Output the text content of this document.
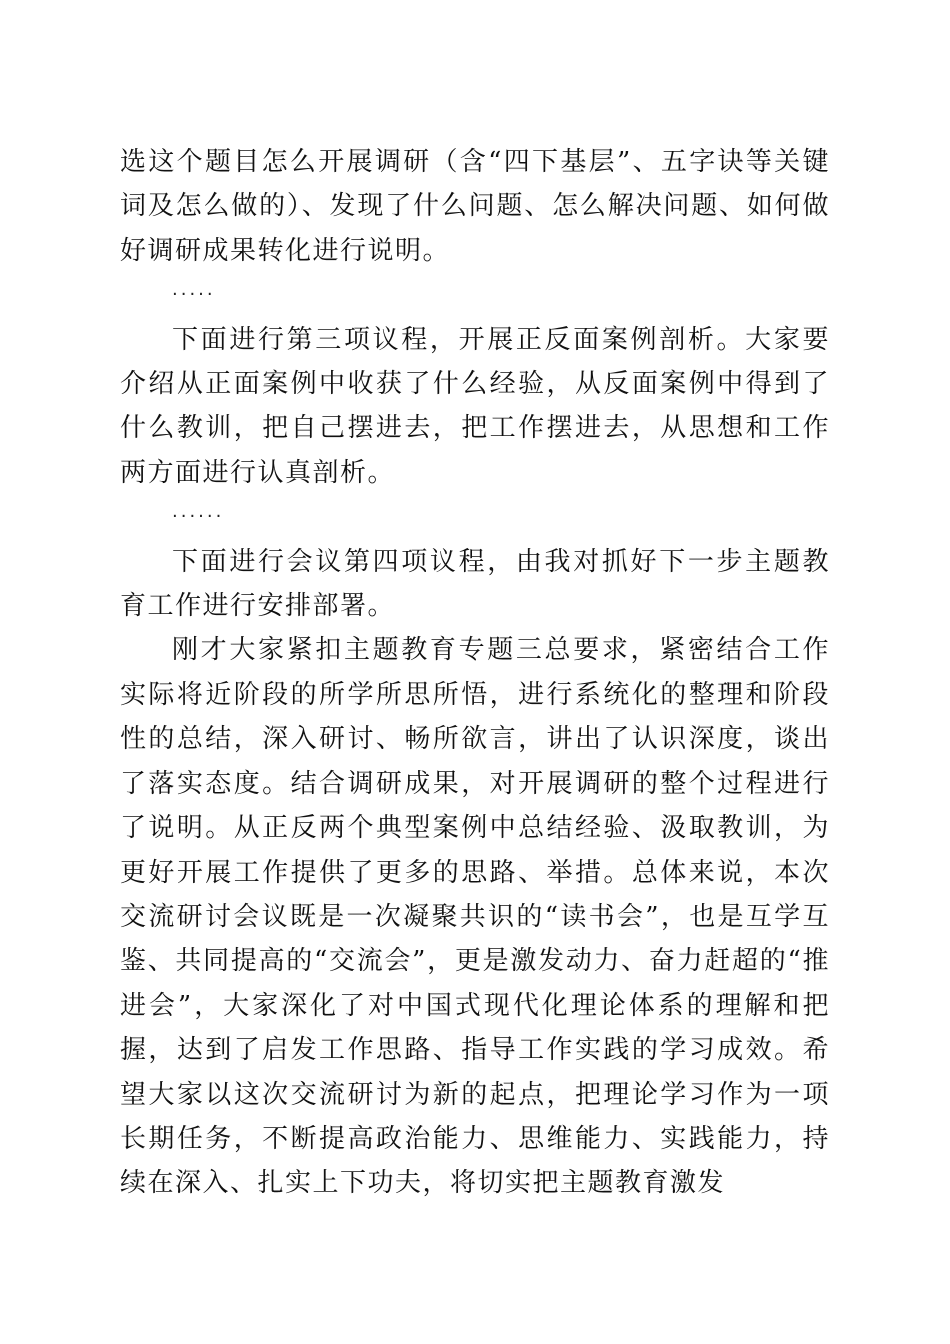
选这个题目怎么开展调研（含“四下基层”、五字诀等关键词及怎么做的）、发现了什么问题、怎么解决问题、如何做好调研成果转化进行说明。

·····

下面进行第三项议程，开展正反面案例剖析。大家要介绍从正面案例中收获了什么经验，从反面案例中得到了什么教训，把自己摆进去，把工作摆进去，从思想和工作两方面进行认真剖析。

······

下面进行会议第四项议程，由我对抓好下一步主题教育工作进行安排部署。

刚才大家紧扣主题教育专题三总要求，紧密结合工作实际将近阶段的所学所思所悟，进行系统化的整理和阶段性的总结，深入研讨、畅所欲言，讲出了认识深度，谈出了落实态度。结合调研成果，对开展调研的整个过程进行了说明。从正反两个典型案例中总结经验、汲取教训，为更好开展工作提供了更多的思路、举措。总体来说，本次交流研讨会议既是一次凝聚共识的“读书会”，也是互学互鉴、共同提高的“交流会”，更是激发动力、奋力赶超的“推进会”，大家深化了对中国式现代化理论体系的理解和把握，达到了启发工作思路、指导工作实践的学习成效。希望大家以这次交流研讨为新的起点，把理论学习作为一项长期任务，不断提高政治能力、思维能力、实践能力，持续在深入、扎实上下功夫，将切实把主题教育激发
